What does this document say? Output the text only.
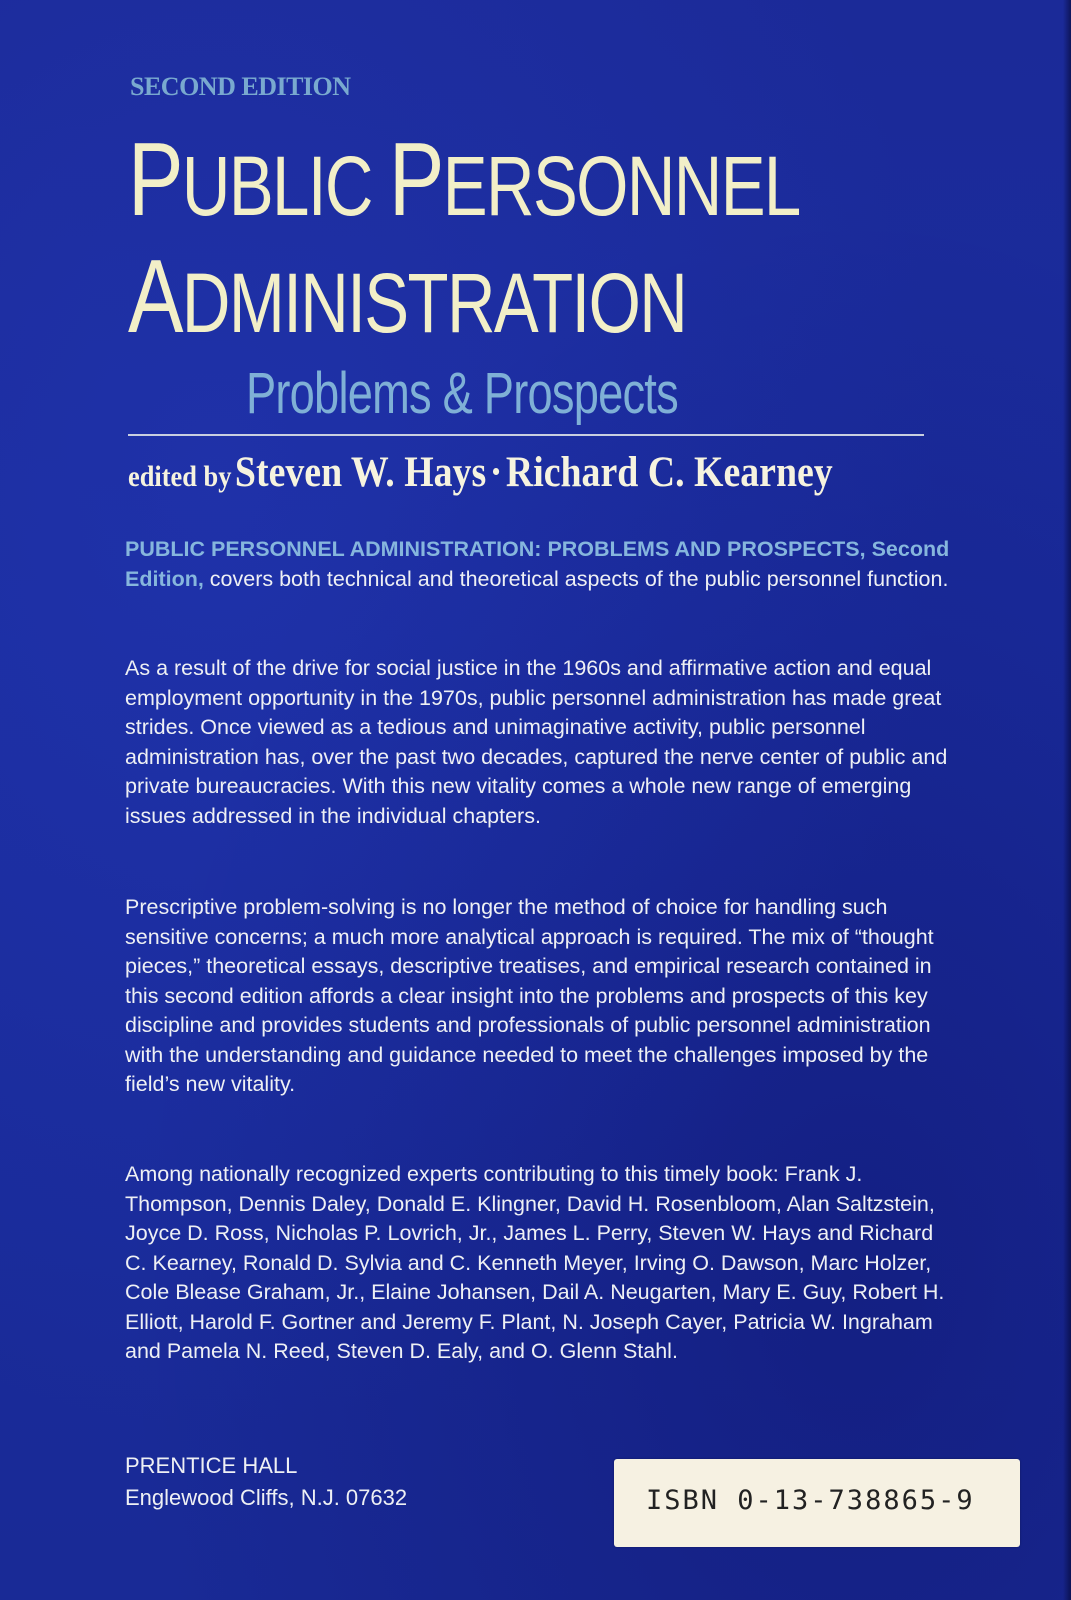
SECOND EDITION
PUBLIC PERSONNEL
ADMINISTRATION
Problems & Prospects
edited by Steven W. Hays·Richard C. Kearney
PUBLIC PERSONNEL ADMINISTRATION: PROBLEMS AND PROSPECTS, Second Edition, covers both technical and theoretical aspects of the public personnel function.
As a result of the drive for social justice in the 1960s and affirmative action and equal employment opportunity in the 1970s, public personnel administration has made great strides. Once viewed as a tedious and unimaginative activity, public personnel administration has, over the past two decades, captured the nerve center of public and private bureaucracies. With this new vitality comes a whole new range of emerging issues addressed in the individual chapters.
Prescriptive problem-solving is no longer the method of choice for handling such sensitive concerns; a much more analytical approach is required. The mix of “thought pieces,” theoretical essays, descriptive treatises, and empirical research contained in this second edition affords a clear insight into the problems and prospects of this key discipline and provides students and professionals of public personnel administration with the understanding and guidance needed to meet the challenges imposed by the field’s new vitality.
Among nationally recognized experts contributing to this timely book: Frank J. Thompson, Dennis Daley, Donald E. Klingner, David H. Rosenbloom, Alan Saltzstein, Joyce D. Ross, Nicholas P. Lovrich, Jr., James L. Perry, Steven W. Hays and Richard C. Kearney, Ronald D. Sylvia and C. Kenneth Meyer, Irving O. Dawson, Marc Holzer, Cole Blease Graham, Jr., Elaine Johansen, Dail A. Neugarten, Mary E. Guy, Robert H. Elliott, Harold F. Gortner and Jeremy F. Plant, N. Joseph Cayer, Patricia W. Ingraham and Pamela N. Reed, Steven D. Ealy, and O. Glenn Stahl.
PRENTICE HALL
Englewood Cliffs, N.J. 07632	ISBN 0-13-738865-9
